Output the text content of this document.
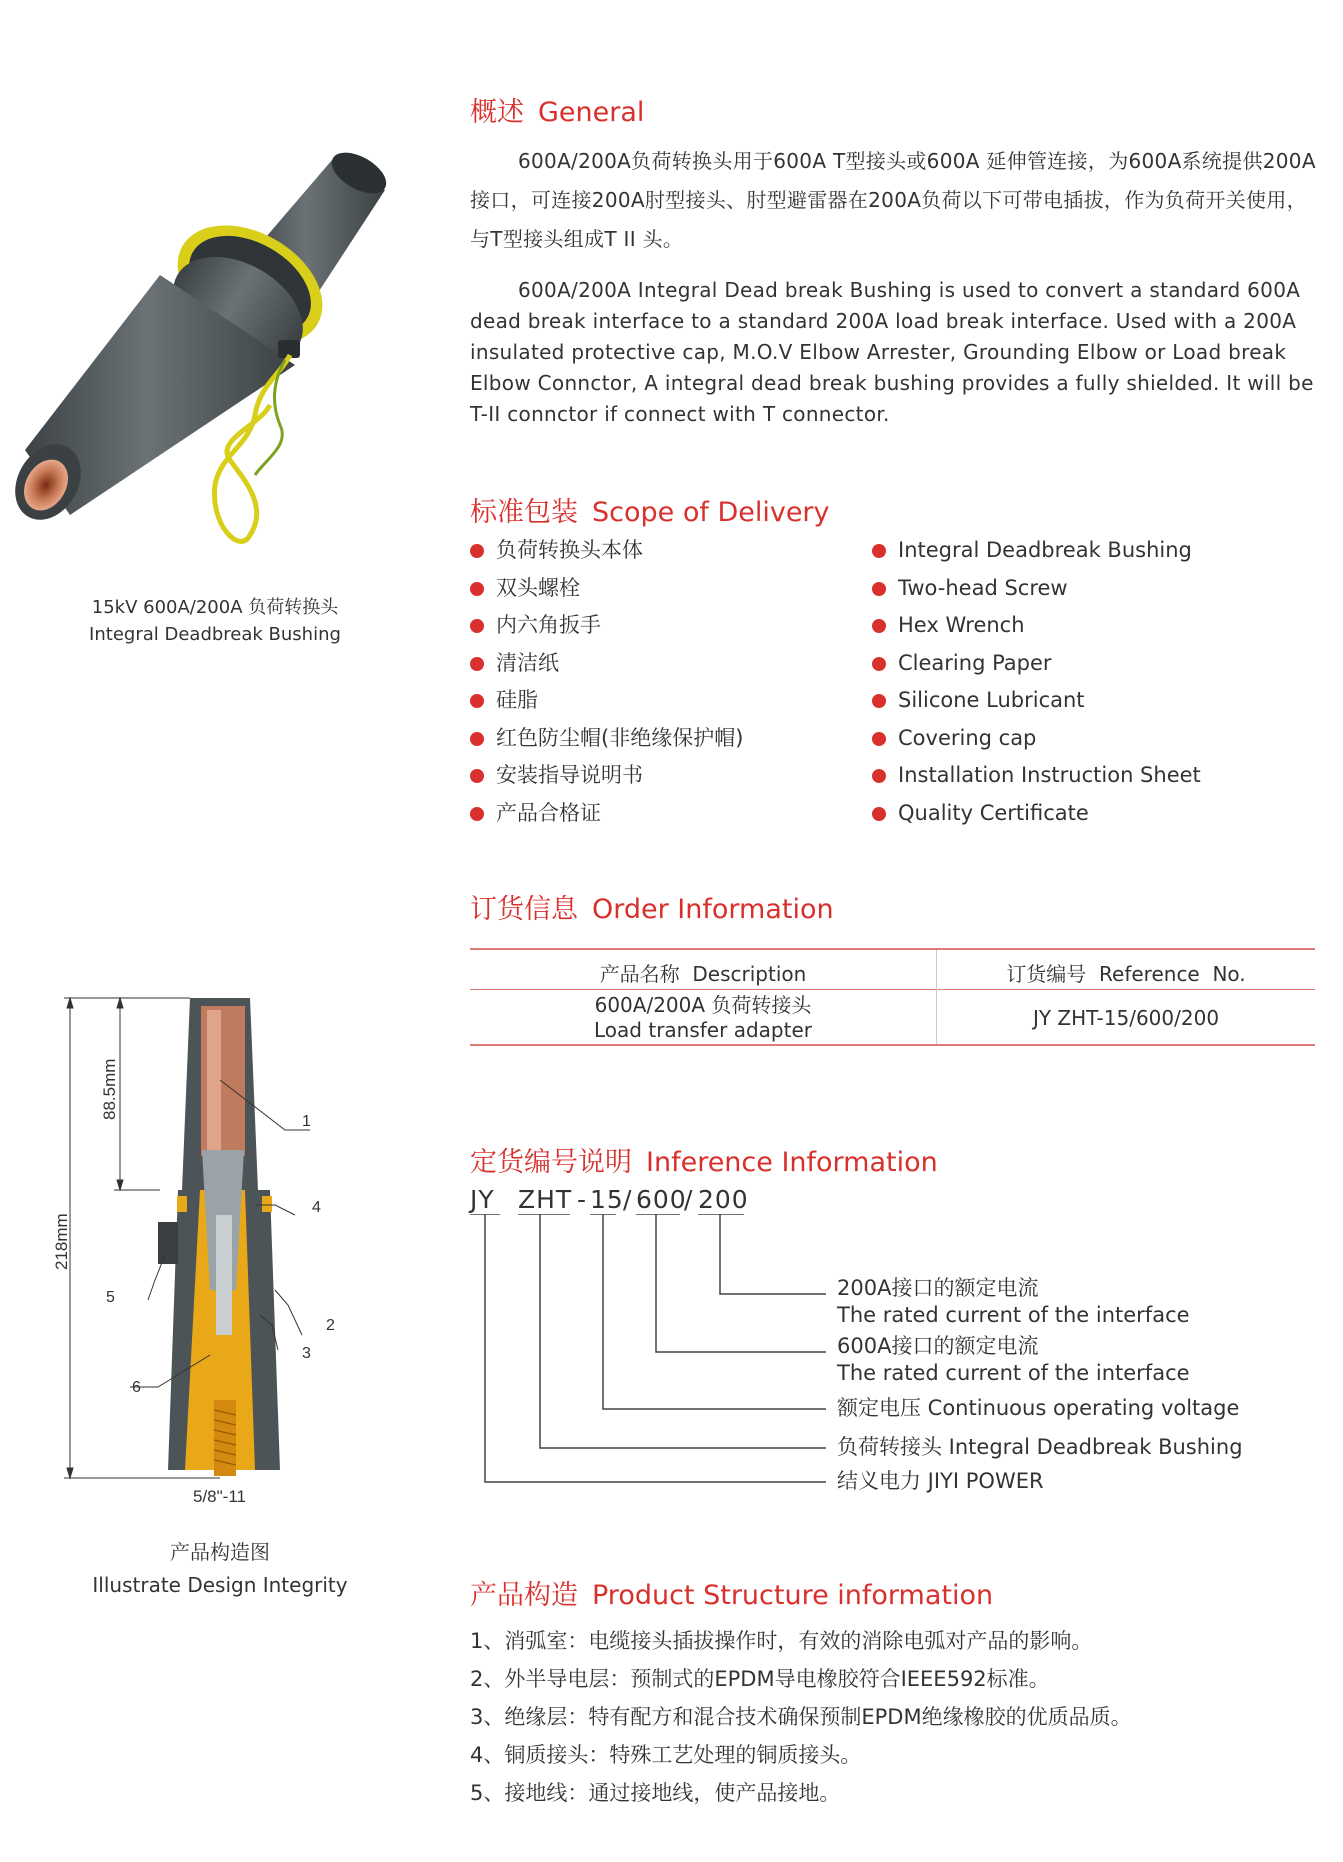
15kV 600A/200A 负荷转换头
Integral Deadbreak Bushing
概述 General
600A/200A负荷转换头用于600A T型接头或600A 延伸管连接，为600A系统提供200A接口，可连接200A肘型接头、肘型避雷器在200A负荷以下可带电插拔，作为负荷开关使用，与T型接头组成T II 头。
600A/200A Integral Dead break Bushing is used to convert a standard 600A dead break interface to a standard 200A load break interface. Used with a 200A insulated protective cap, M.O.V Elbow Arrester, Grounding Elbow or Load break Elbow Connctor, A integral dead break bushing provides a fully shielded. It will be T-II connctor if connect with T connector.
标准包装 Scope of Delivery
负荷转换头本体
双头螺栓
内六角扳手
清洁纸
硅脂
红色防尘帽(非绝缘保护帽)
安装指导说明书
产品合格证
Integral Deadbreak Bushing
Two-head Screw
Hex Wrench
Clearing Paper
Silicone Lubricant
Covering cap
Installation Instruction Sheet
Quality Certificate
订货信息 Order Information
产品名称  Description	订货编号  Reference  No.
600A/200A 负荷转接头
Load transfer adapter	JY ZHT-15/600/200
定货编号说明 Inference Information
JY ZHT - 15 / 600
/ 200
200A接口的额定电流
The rated current of the interface
600A接口的额定电流
The rated current of the interface
额定电压 Continuous operating voltage
负荷转接头 Integral Deadbreak Bushing
结义电力 JIYI POWER
88.5mm
218mm
1
4
2
3
5
6
5/8"-11
产品构造图
Illustrate Design Integrity	产品构造 Product Structure information
1、消弧室：电缆接头插拔操作时，有效的消除电弧对产品的影响。
2、外半导电层：预制式的EPDM导电橡胶符合IEEE592标准。
3、绝缘层：特有配方和混合技术确保预制EPDM绝缘橡胶的优质品质。
4、铜质接头：特殊工艺处理的铜质接头。
5、接地线：通过接地线，使产品接地。
